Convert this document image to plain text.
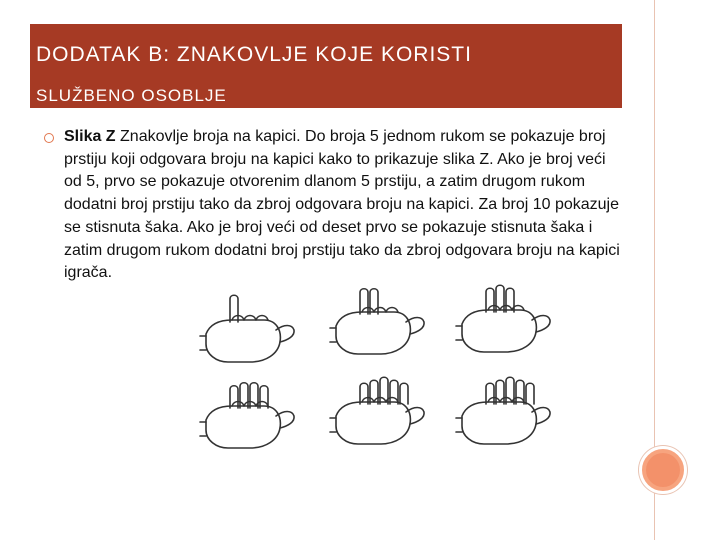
DODATAK B: ZNAKOVLJE KOJE KORISTI
SLUŽBENO OSOBLJE
Slika Z Znakovlje broja na kapici. Do broja 5 jednom rukom se pokazuje broj prstiju koji odgovara broju na kapici kako to prikazuje slika Z. Ako je broj veći od 5, prvo se pokazuje otvorenim dlanom 5 prstiju, a zatim drugom rukom dodatni broj prstiju tako da zbroj odgovara broju na kapici. Za broj 10 pokazuje se stisnuta šaka. Ako je broj veći od deset prvo se pokazuje stisnuta šaka i zatim drugom rukom dodatni broj prstiju tako da zbroj odgovara broju na kapici igrača.
